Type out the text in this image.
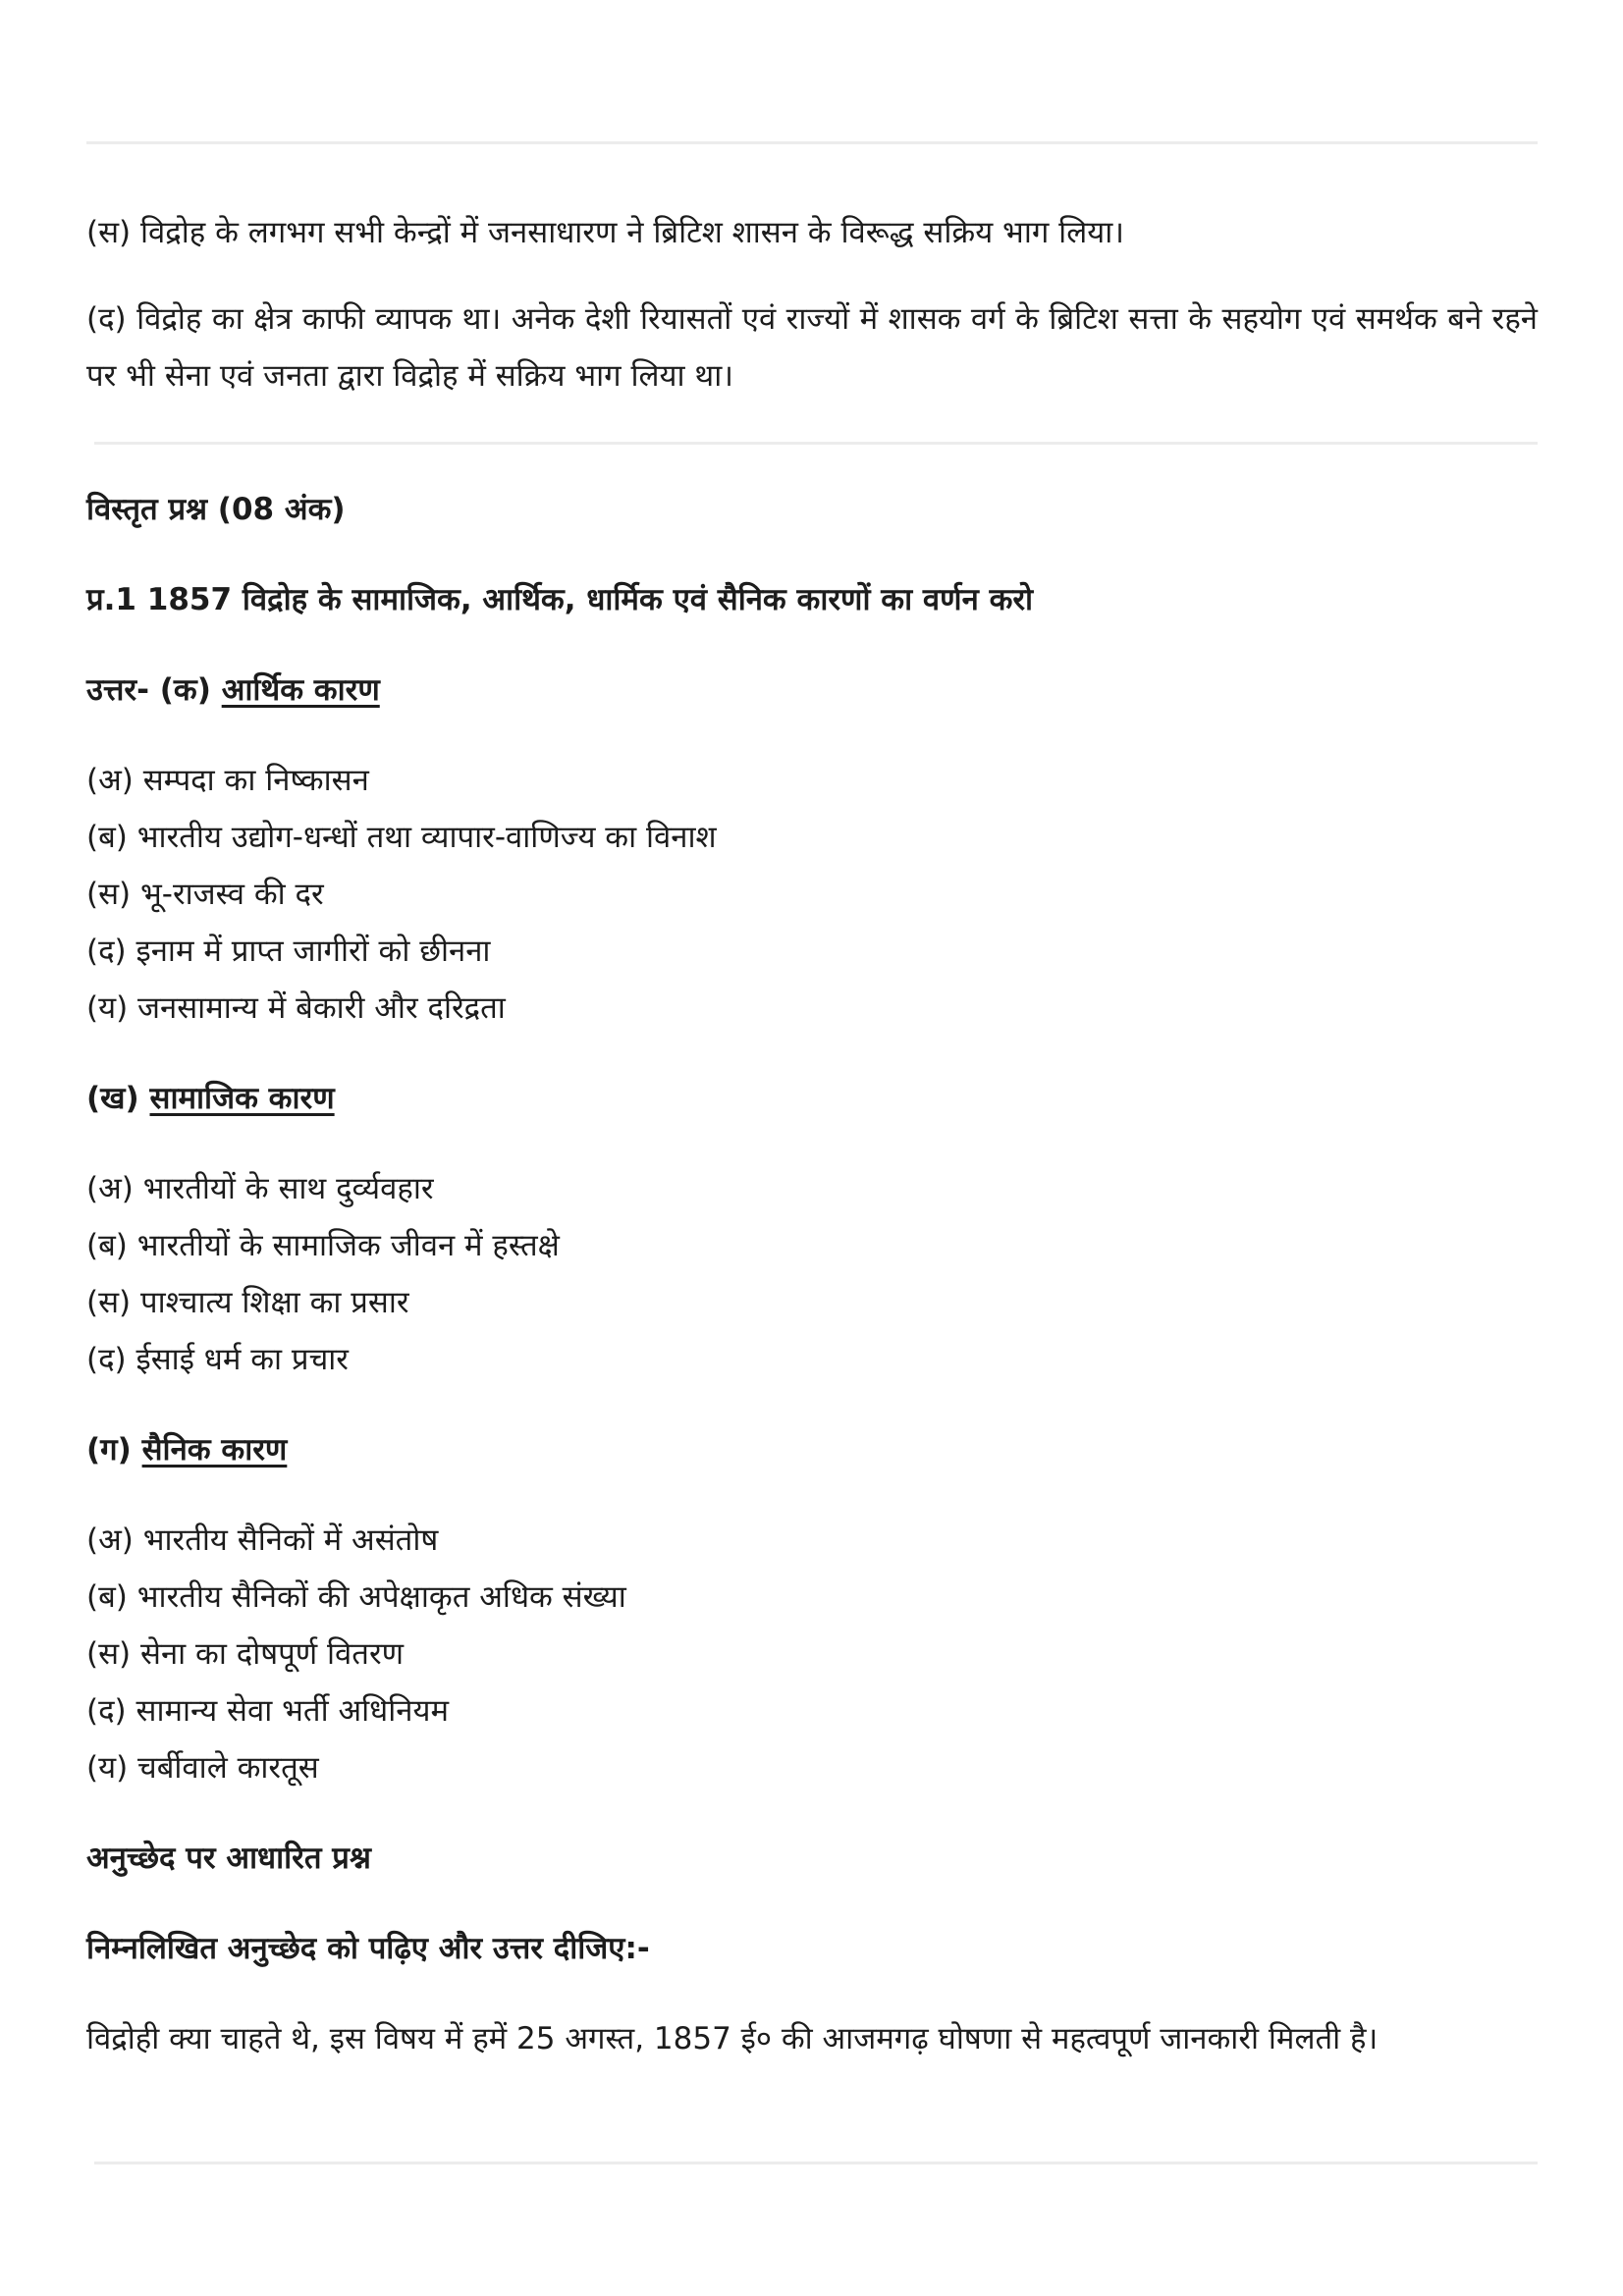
(स) विद्रोह के लगभग सभी केन्द्रों में जनसाधारण ने ब्रिटिश शासन के विरूद्ध सक्रिय भाग लिया।

(द) विद्रोह का क्षेत्र काफी व्यापक था। अनेक देशी रियासतों एवं राज्यों में शासक वर्ग के ब्रिटिश सत्ता के सहयोग एवं समर्थक बने रहने पर भी सेना एवं जनता द्वारा विद्रोह में सक्रिय भाग लिया था।

विस्तृत प्रश्न (08 अंक)

प्र.1 1857 विद्रोह के सामाजिक, आर्थिक, धार्मिक एवं सैनिक कारणों का वर्णन करो

उत्तर- (क) आर्थिक कारण

(अ) सम्पदा का निष्कासन
(ब) भारतीय उद्योग-धन्धों तथा व्यापार-वाणिज्य का विनाश
(स) भू-राजस्व की दर
(द) इनाम में प्राप्त जागीरों को छीनना
(य) जनसामान्य में बेकारी और दरिद्रता

(ख) सामाजिक कारण

(अ) भारतीयों के साथ दुर्व्यवहार
(ब) भारतीयों के सामाजिक जीवन में हस्तक्षे
(स) पाश्चात्य शिक्षा का प्रसार
(द) ईसाई धर्म का प्रचार

(ग) सैनिक कारण

(अ) भारतीय सैनिकों में असंतोष
(ब) भारतीय सैनिकों की अपेक्षाकृत अधिक संख्या
(स) सेना का दोषपूर्ण वितरण
(द) सामान्य सेवा भर्ती अधिनियम
(य) चर्बीवाले कारतूस

अनुच्छेद पर आधारित प्रश्न

निम्नलिखित अनुच्छेद को पढ़िए और उत्तर दीजिए:-

विद्रोही क्या चाहते थे, इस विषय में हमें 25 अगस्त, 1857 ई० की आजमगढ़ घोषणा से महत्वपूर्ण जानकारी मिलती है।
